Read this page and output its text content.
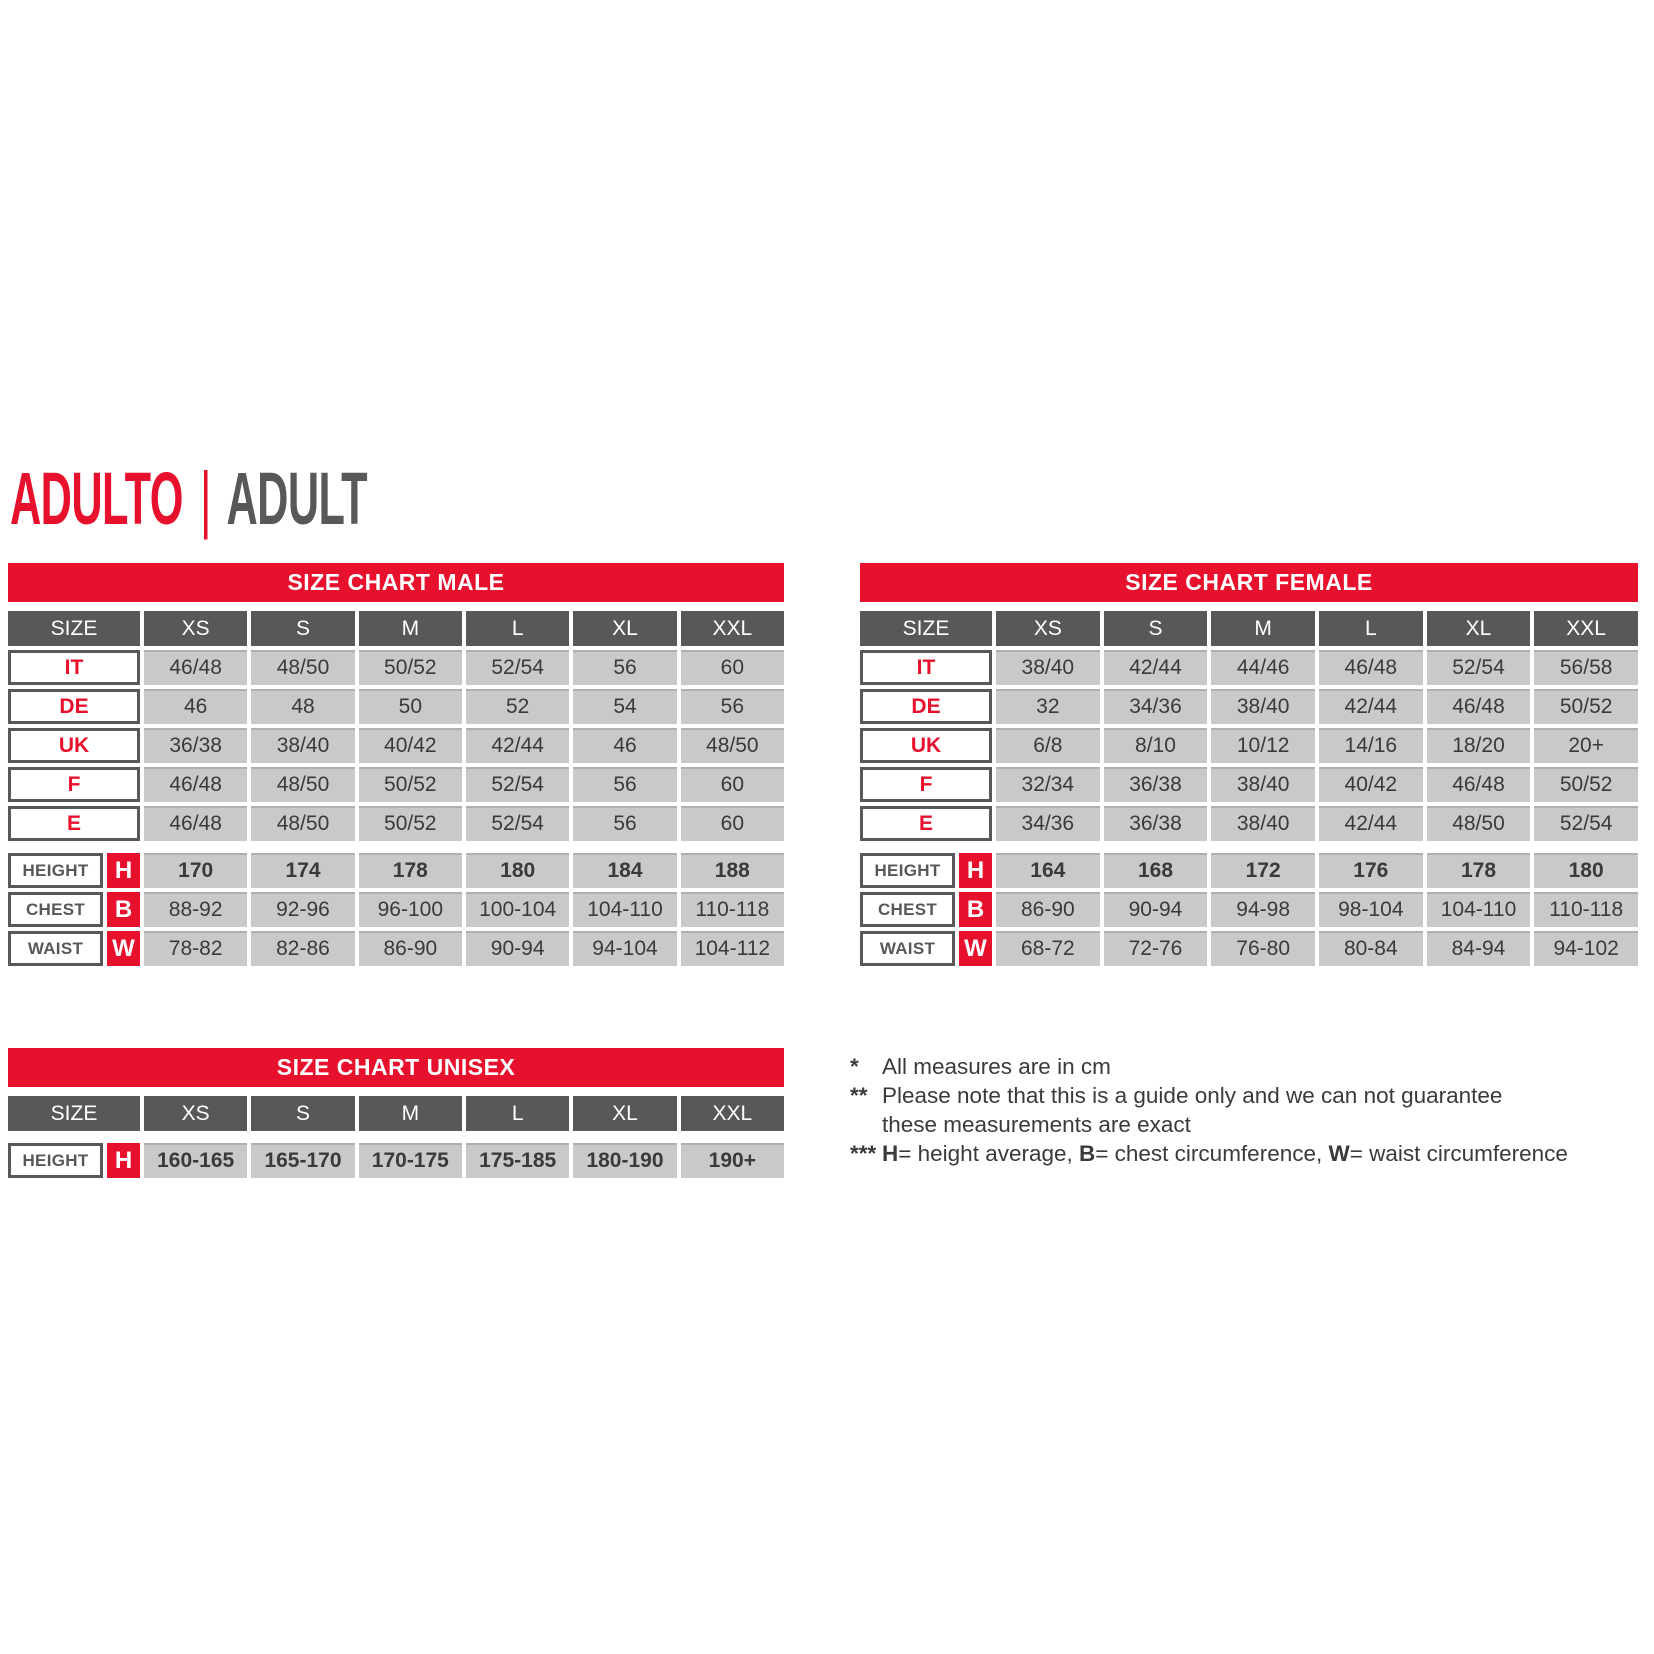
ADULTO | ADULT
SIZE CHART MALE
SIZE	XS	S	M	L	XL	XXL
IT	46/48	48/50	50/52	52/54	56	60
DE	46	48	50	52	54	56
UK	36/38	38/40	40/42	42/44	46	48/50
F	46/48	48/50	50/52	52/54	56	60
E	46/48	48/50	50/52	52/54	56	60
HEIGHT	H	170	174	178	180	184	188
CHEST	B	88-92	92-96	96-100	100-104	104-110	110-118
WAIST	W	78-82	82-86	86-90	90-94	94-104	104-112
SIZE CHART FEMALE
SIZE	XS	S	M	L	XL	XXL
IT	38/40	42/44	44/46	46/48	52/54	56/58
DE	32	34/36	38/40	42/44	46/48	50/52
UK	6/8	8/10	10/12	14/16	18/20	20+
F	32/34	36/38	38/40	40/42	46/48	50/52
E	34/36	36/38	38/40	42/44	48/50	52/54
HEIGHT	H	164	168	172	176	178	180
CHEST	B	86-90	90-94	94-98	98-104	104-110	110-118
WAIST	W	68-72	72-76	76-80	80-84	84-94	94-102
SIZE CHART UNISEX
SIZE	XS	S	M	L	XL	XXL
HEIGHT	H	160-165	165-170	170-175	175-185	180-190	190+
*	All measures are in cm
** Please note that this is a guide only and we can not guarantee
these measurements are exact
*** H= height average, B= chest circumference, W= waist circumference
